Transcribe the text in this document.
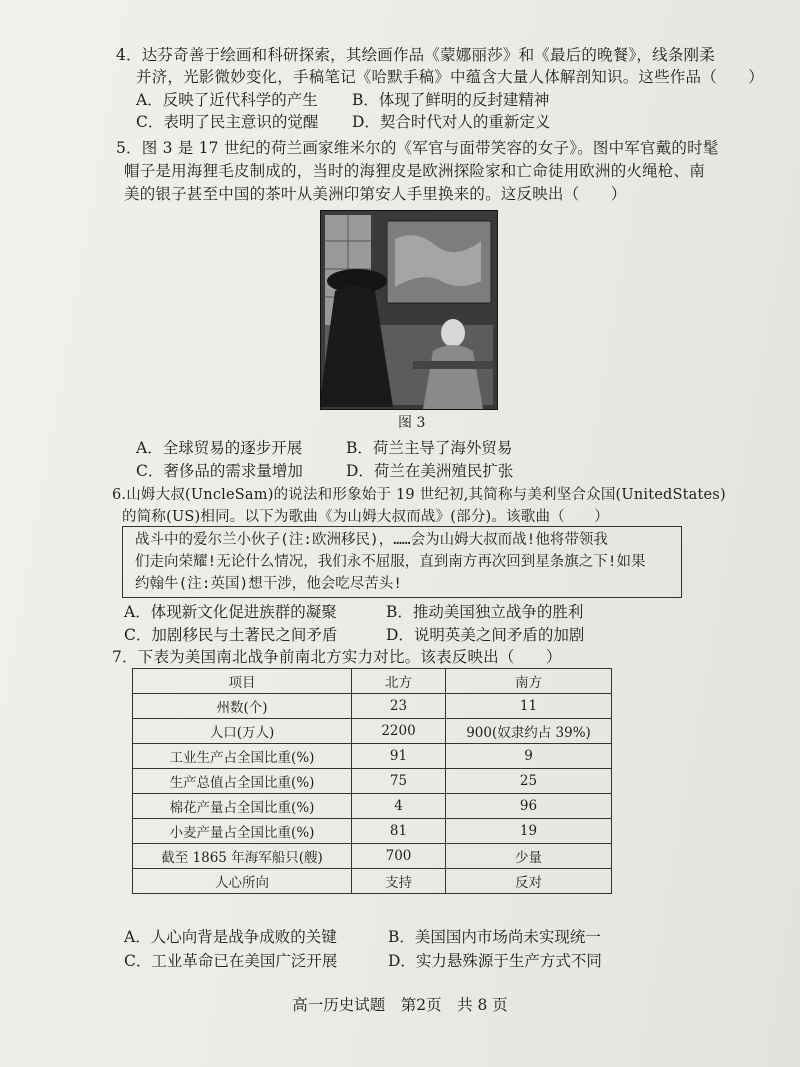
4．达芬奇善于绘画和科研探索，其绘画作品《蒙娜丽莎》和《最后的晚餐》，线条刚柔
并济，光影微妙变化，手稿笔记《哈默手稿》中蕴含大量人体解剖知识。这些作品（　　）
A．反映了近代科学的产生 B．体现了鲜明的反封建精神
C．表明了民主意识的觉醒 D．契合时代对人的重新定义
5．图 3 是 17 世纪的荷兰画家维米尔的《军官与面带笑容的女子》。图中军官戴的时髦
帽子是用海狸毛皮制成的，当时的海狸皮是欧洲探险家和亡命徒用欧洲的火绳枪、南
美的银子甚至中国的茶叶从美洲印第安人手里换来的。这反映出（　　）
图 3
A．全球贸易的逐步开展	B．荷兰主导了海外贸易
C．奢侈品的需求量增加	D．荷兰在美洲殖民扩张
6.山姆大叔(UncleSam)的说法和形象始于 19 世纪初,其简称与美利坚合众国(UnitedStates)
的简称(US)相同。以下为歌曲《为山姆大叔而战》(部分)。该歌曲（　　）
战斗中的爱尔兰小伙子(注:欧洲移民)，……会为山姆大叔而战!他将带领我
们走向荣耀!无论什么情况，我们永不屈服，直到南方再次回到星条旗之下!如果
约翰牛(注:英国)想干涉，他会吃尽苦头!
A．体现新文化促进族群的凝聚	B．推动美国独立战争的胜利
C．加剧移民与土著民之间矛盾	D．说明英美之间矛盾的加剧
7．下表为美国南北战争前南北方实力对比。该表反映出（　　）
项目	北方	南方
州数(个)	23	11
人口(万人)	2200	900(奴隶约占 39%)
工业生产占全国比重(%)	91	9
生产总值占全国比重(%)	75	25
棉花产量占全国比重(%)	4	96
小麦产量占全国比重(%)	81	19
截至 1865 年海军船只(艘)	700	少量
人心所向	支持	反对
A．人心向背是战争成败的关键	B．美国国内市场尚未实现统一
C．工业革命已在美国广泛开展	D．实力悬殊源于生产方式不同
高一历史试题　第2页　共 8 页
